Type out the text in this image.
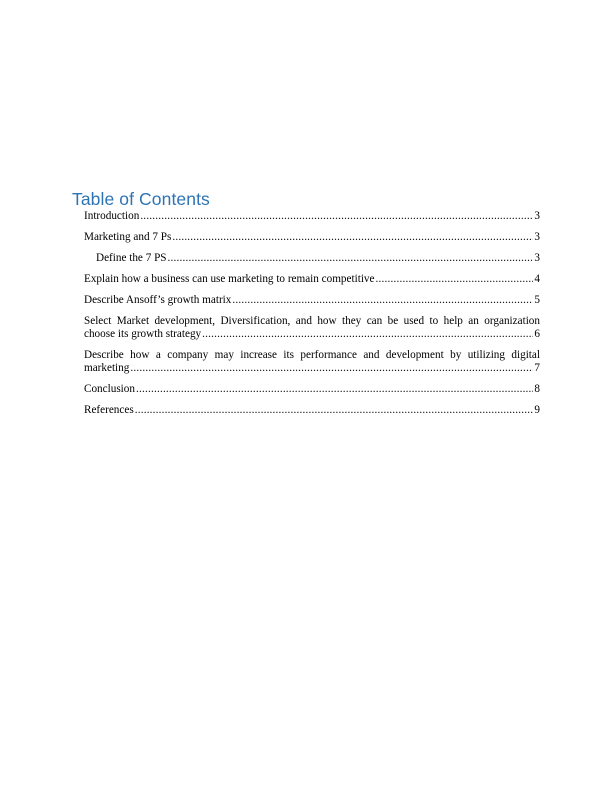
Table of Contents
Introduction .....	3
Marketing and 7 Ps .....	3
Define the 7 PS .....	3
Explain how a business can use marketing to remain competitive .....	4
Describe Ansoff’s growth matrix .....	5
Select Market development, Diversification, and how they can be used to help an organization
choose its growth strategy .....	6
Describe how a company may increase its performance and development by utilizing digital
marketing .....	7
Conclusion .....	8
References .....	9
